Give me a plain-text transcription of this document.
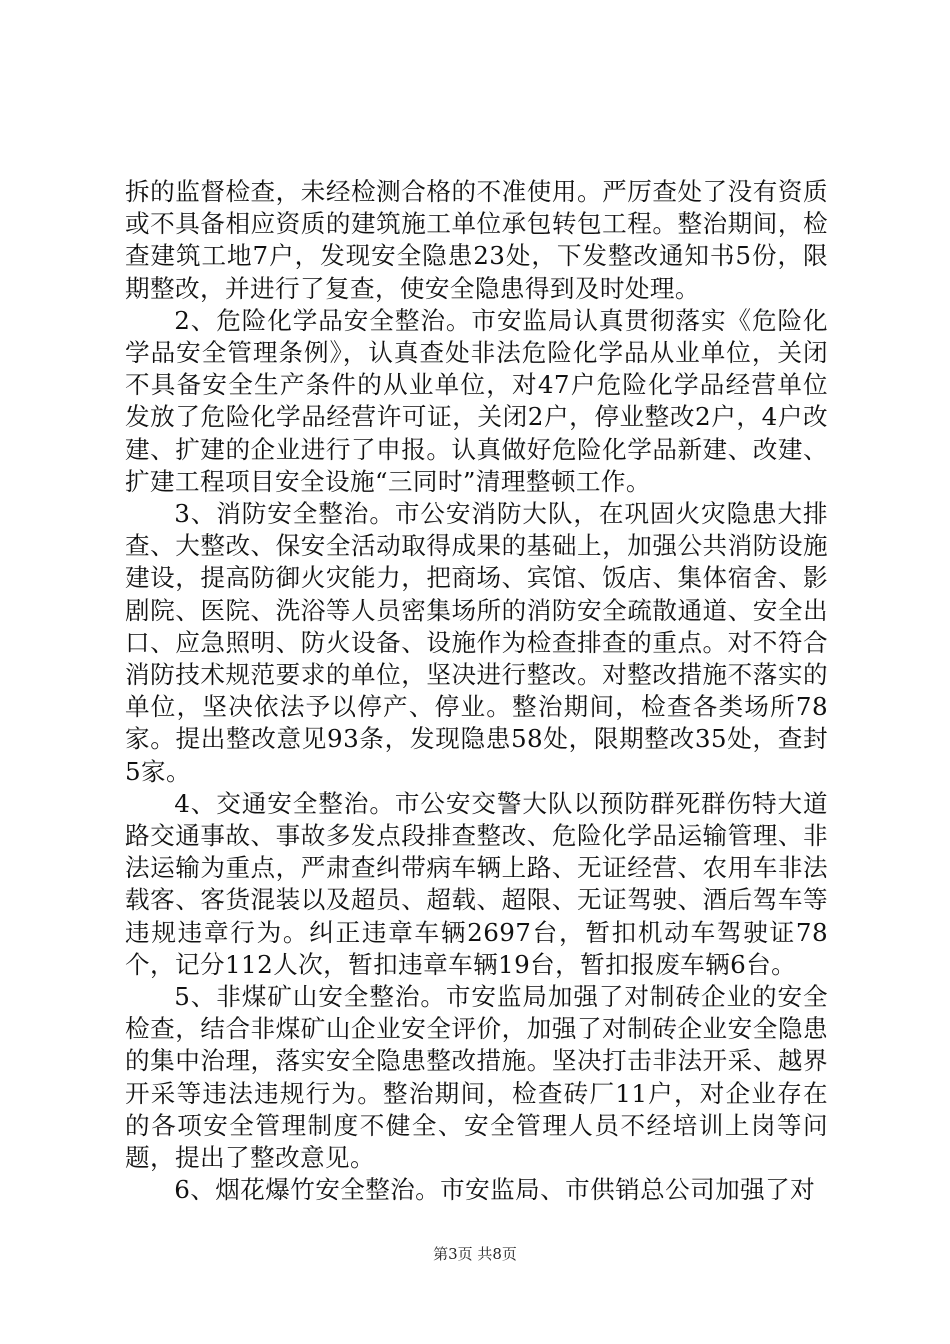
拆的监督检查，未经检测合格的不准使用。严厉查处了没有资质或不具备相应资质的建筑施工单位承包转包工程。整治期间，检查建筑工地7户，发现安全隐患23处，下发整改通知书5份，限期整改，并进行了复查，使安全隐患得到及时处理。

2、危险化学品安全整治。市安监局认真贯彻落实《危险化学品安全管理条例》，认真查处非法危险化学品从业单位，关闭不具备安全生产条件的从业单位，对47户危险化学品经营单位发放了危险化学品经营许可证，关闭2户，停业整改2户，4户改建、扩建的企业进行了申报。认真做好危险化学品新建、改建、扩建工程项目安全设施“三同时”清理整顿工作。

3、消防安全整治。市公安消防大队，在巩固火灾隐患大排查、大整改、保安全活动取得成果的基础上，加强公共消防设施建设，提高防御火灾能力，把商场、宾馆、饭店、集体宿舍、影剧院、医院、洗浴等人员密集场所的消防安全疏散通道、安全出口、应急照明、防火设备、设施作为检查排查的重点。对不符合消防技术规范要求的单位，坚决进行整改。对整改措施不落实的单位，坚决依法予以停产、停业。整治期间，检查各类场所78家。提出整改意见93条，发现隐患58处，限期整改35处，查封5家。

4、交通安全整治。市公安交警大队以预防群死群伤特大道路交通事故、事故多发点段排查整改、危险化学品运输管理、非法运输为重点，严肃查纠带病车辆上路、无证经营、农用车非法载客、客货混装以及超员、超载、超限、无证驾驶、酒后驾车等违规违章行为。纠正违章车辆2697台，暂扣机动车驾驶证78个，记分112人次，暂扣违章车辆19台，暂扣报废车辆6台。

5、非煤矿山安全整治。市安监局加强了对制砖企业的安全检查，结合非煤矿山企业安全评价，加强了对制砖企业安全隐患的集中治理，落实安全隐患整改措施。坚决打击非法开采、越界开采等违法违规行为。整治期间，检查砖厂11户，对企业存在的各项安全管理制度不健全、安全管理人员不经培训上岗等问题，提出了整改意见。

6、烟花爆竹安全整治。市安监局、市供销总公司加强了对

第3页 共8页
